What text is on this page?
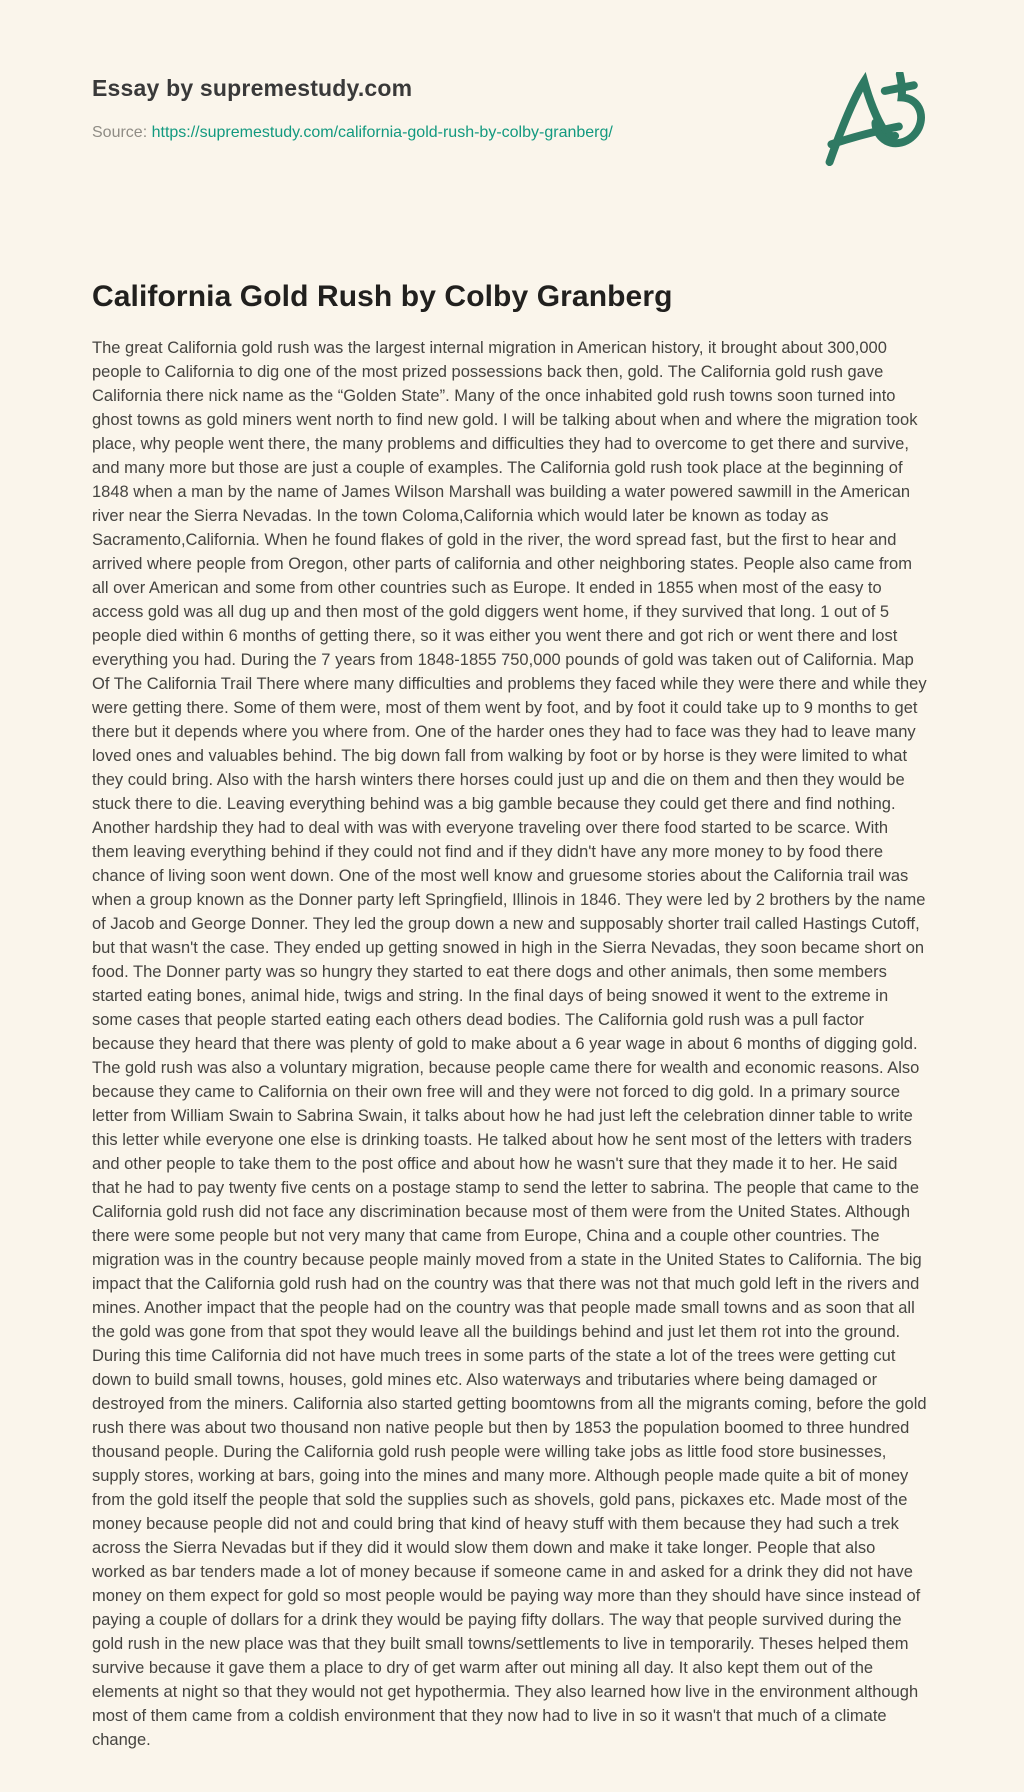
Essay by supremestudy.com

Source: https://supremestudy.com/california-gold-rush-by-colby-granberg/

California Gold Rush by Colby Granberg

The great California gold rush was the largest internal migration in American history, it brought about 300,000 people to California to dig one of the most prized possessions back then, gold. The California gold rush gave California there nick name as the “Golden State”. Many of the once inhabited gold rush towns soon turned into ghost towns as gold miners went north to find new gold. I will be talking about when and where the migration took place, why people went there, the many problems and difficulties they had to overcome to get there and survive, and many more but those are just a couple of examples. The California gold rush took place at the beginning of 1848 when a man by the name of James Wilson Marshall was building a water powered sawmill in the American river near the Sierra Nevadas. In the town Coloma,California which would later be known as today as Sacramento,California. When he found flakes of gold in the river, the word spread fast, but the first to hear and arrived where people from Oregon, other parts of california and other neighboring states. People also came from all over American and some from other countries such as Europe. It ended in 1855 when most of the easy to access gold was all dug up and then most of the gold diggers went home, if they survived that long. 1 out of 5 people died within 6 months of getting there, so it was either you went there and got rich or went there and lost everything you had. During the 7 years from 1848-1855 750,000 pounds of gold was taken out of California. Map Of The California Trail There where many difficulties and problems they faced while they were there and while they were getting there. Some of them were, most of them went by foot, and by foot it could take up to 9 months to get there but it depends where you where from. One of the harder ones they had to face was they had to leave many loved ones and valuables behind. The big down fall from walking by foot or by horse is they were limited to what they could bring. Also with the harsh winters there horses could just up and die on them and then they would be stuck there to die. Leaving everything behind was a big gamble because they could get there and find nothing. Another hardship they had to deal with was with everyone traveling over there food started to be scarce. With them leaving everything behind if they could not find and if they didn't have any more money to by food there chance of living soon went down. One of the most well know and gruesome stories about the California trail was when a group known as the Donner party left Springfield, Illinois in 1846. They were led by 2 brothers by the name of Jacob and George Donner. They led the group down a new and supposably shorter trail called Hastings Cutoff, but that wasn't the case. They ended up getting snowed in high in the Sierra Nevadas, they soon became short on food. The Donner party was so hungry they started to eat there dogs and other animals, then some members started eating bones, animal hide, twigs and string. In the final days of being snowed it went to the extreme in some cases that people started eating each others dead bodies. The California gold rush was a pull factor because they heard that there was plenty of gold to make about a 6 year wage in about 6 months of digging gold. The gold rush was also a voluntary migration, because people came there for wealth and economic reasons. Also because they came to California on their own free will and they were not forced to dig gold. In a primary source letter from William Swain to Sabrina Swain, it talks about how he had just left the celebration dinner table to write this letter while everyone one else is drinking toasts. He talked about how he sent most of the letters with traders and other people to take them to the post office and about how he wasn't sure that they made it to her. He said that he had to pay twenty five cents on a postage stamp to send the letter to sabrina. The people that came to the California gold rush did not face any discrimination because most of them were from the United States. Although there were some people but not very many that came from Europe, China and a couple other countries. The migration was in the country because people mainly moved from a state in the United States to California. The big impact that the California gold rush had on the country was that there was not that much gold left in the rivers and mines. Another impact that the people had on the country was that people made small towns and as soon that all the gold was gone from that spot they would leave all the buildings behind and just let them rot into the ground. During this time California did not have much trees in some parts of the state a lot of the trees were getting cut down to build small towns, houses, gold mines etc. Also waterways and tributaries where being damaged or destroyed from the miners. California also started getting boomtowns from all the migrants coming, before the gold rush there was about two thousand non native people but then by 1853 the population boomed to three hundred thousand people. During the California gold rush people were willing take jobs as little food store businesses, supply stores, working at bars, going into the mines and many more. Although people made quite a bit of money from the gold itself the people that sold the supplies such as shovels, gold pans, pickaxes etc. Made most of the money because people did not and could bring that kind of heavy stuff with them because they had such a trek across the Sierra Nevadas but if they did it would slow them down and make it take longer. People that also worked as bar tenders made a lot of money because if someone came in and asked for a drink they did not have money on them expect for gold so most people would be paying way more than they should have since instead of paying a couple of dollars for a drink they would be paying fifty dollars. The way that people survived during the gold rush in the new place was that they built small towns/settlements to live in temporarily. Theses helped them survive because it gave them a place to dry of get warm after out mining all day. It also kept them out of the elements at night so that they would not get hypothermia. They also learned how live in the environment although most of them came from a coldish environment that they now had to live in so it wasn't that much of a climate change.
